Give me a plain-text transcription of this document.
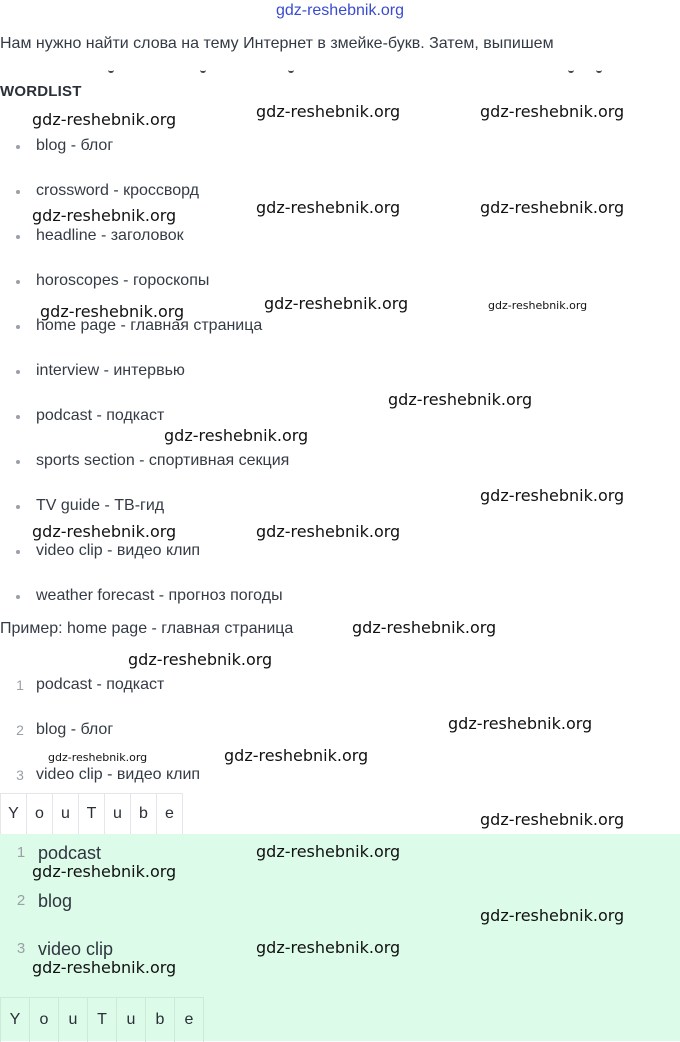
gdz-reshebnik.org
Нам нужно найти слова на тему Интернет в змейке-букв. Затем, выпишем
WORDLIST
blog - блог
crossword - кроссворд
headline - заголовок
horoscopes - гороскопы
home page - главная страница
interview - интервью
podcast - подкаст
sports section - спортивная секция
TV guide - ТВ-гид
video clip - видео клип
weather forecast - прогноз погоды
Пример: home page - главная страница
1 podcast - подкаст
2 blog - блог
3 video clip - видео клип
Y	o	u	T	u	b	e
1 podcast
2 blog
3 video clip
Y	o	u	T	u	b	e
gdz-reshebnik.org	gdz-reshebnik.org	gdz-reshebnik.org
gdz-reshebnik.org	gdz-reshebnik.org	gdz-reshebnik.org
gdz-reshebnik.org	gdz-reshebnik.org	gdz-reshebnik.org
gdz-reshebnik.org
gdz-reshebnik.org
gdz-reshebnik.org
gdz-reshebnik.org	gdz-reshebnik.org
gdz-reshebnik.org
gdz-reshebnik.org
gdz-reshebnik.org
gdz-reshebnik.org	gdz-reshebnik.org
gdz-reshebnik.org
gdz-reshebnik.org
gdz-reshebnik.org
gdz-reshebnik.org
gdz-reshebnik.org
gdz-reshebnik.org
